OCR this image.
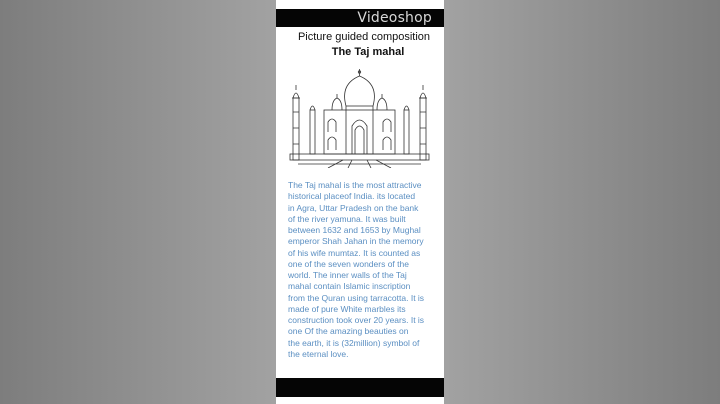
Videoshop
Picture guided composition
The Taj mahal
The Taj mahal is the most attractive
historical placeof India. its located
in Agra, Uttar Pradesh on the bank
of the river yamuna. It was built
between 1632 and 1653 by Mughal
emperor Shah Jahan in the memory
of his wife mumtaz. It is counted as
one of the seven wonders of the
world. The inner walls of the Taj
mahal contain Islamic inscription
from the Quran using tarracotta. It is
made of pure White marbles its
construction took over 20 years. It is
one Of the amazing beauties on
the earth, it is (32million) symbol of
the eternal love.
